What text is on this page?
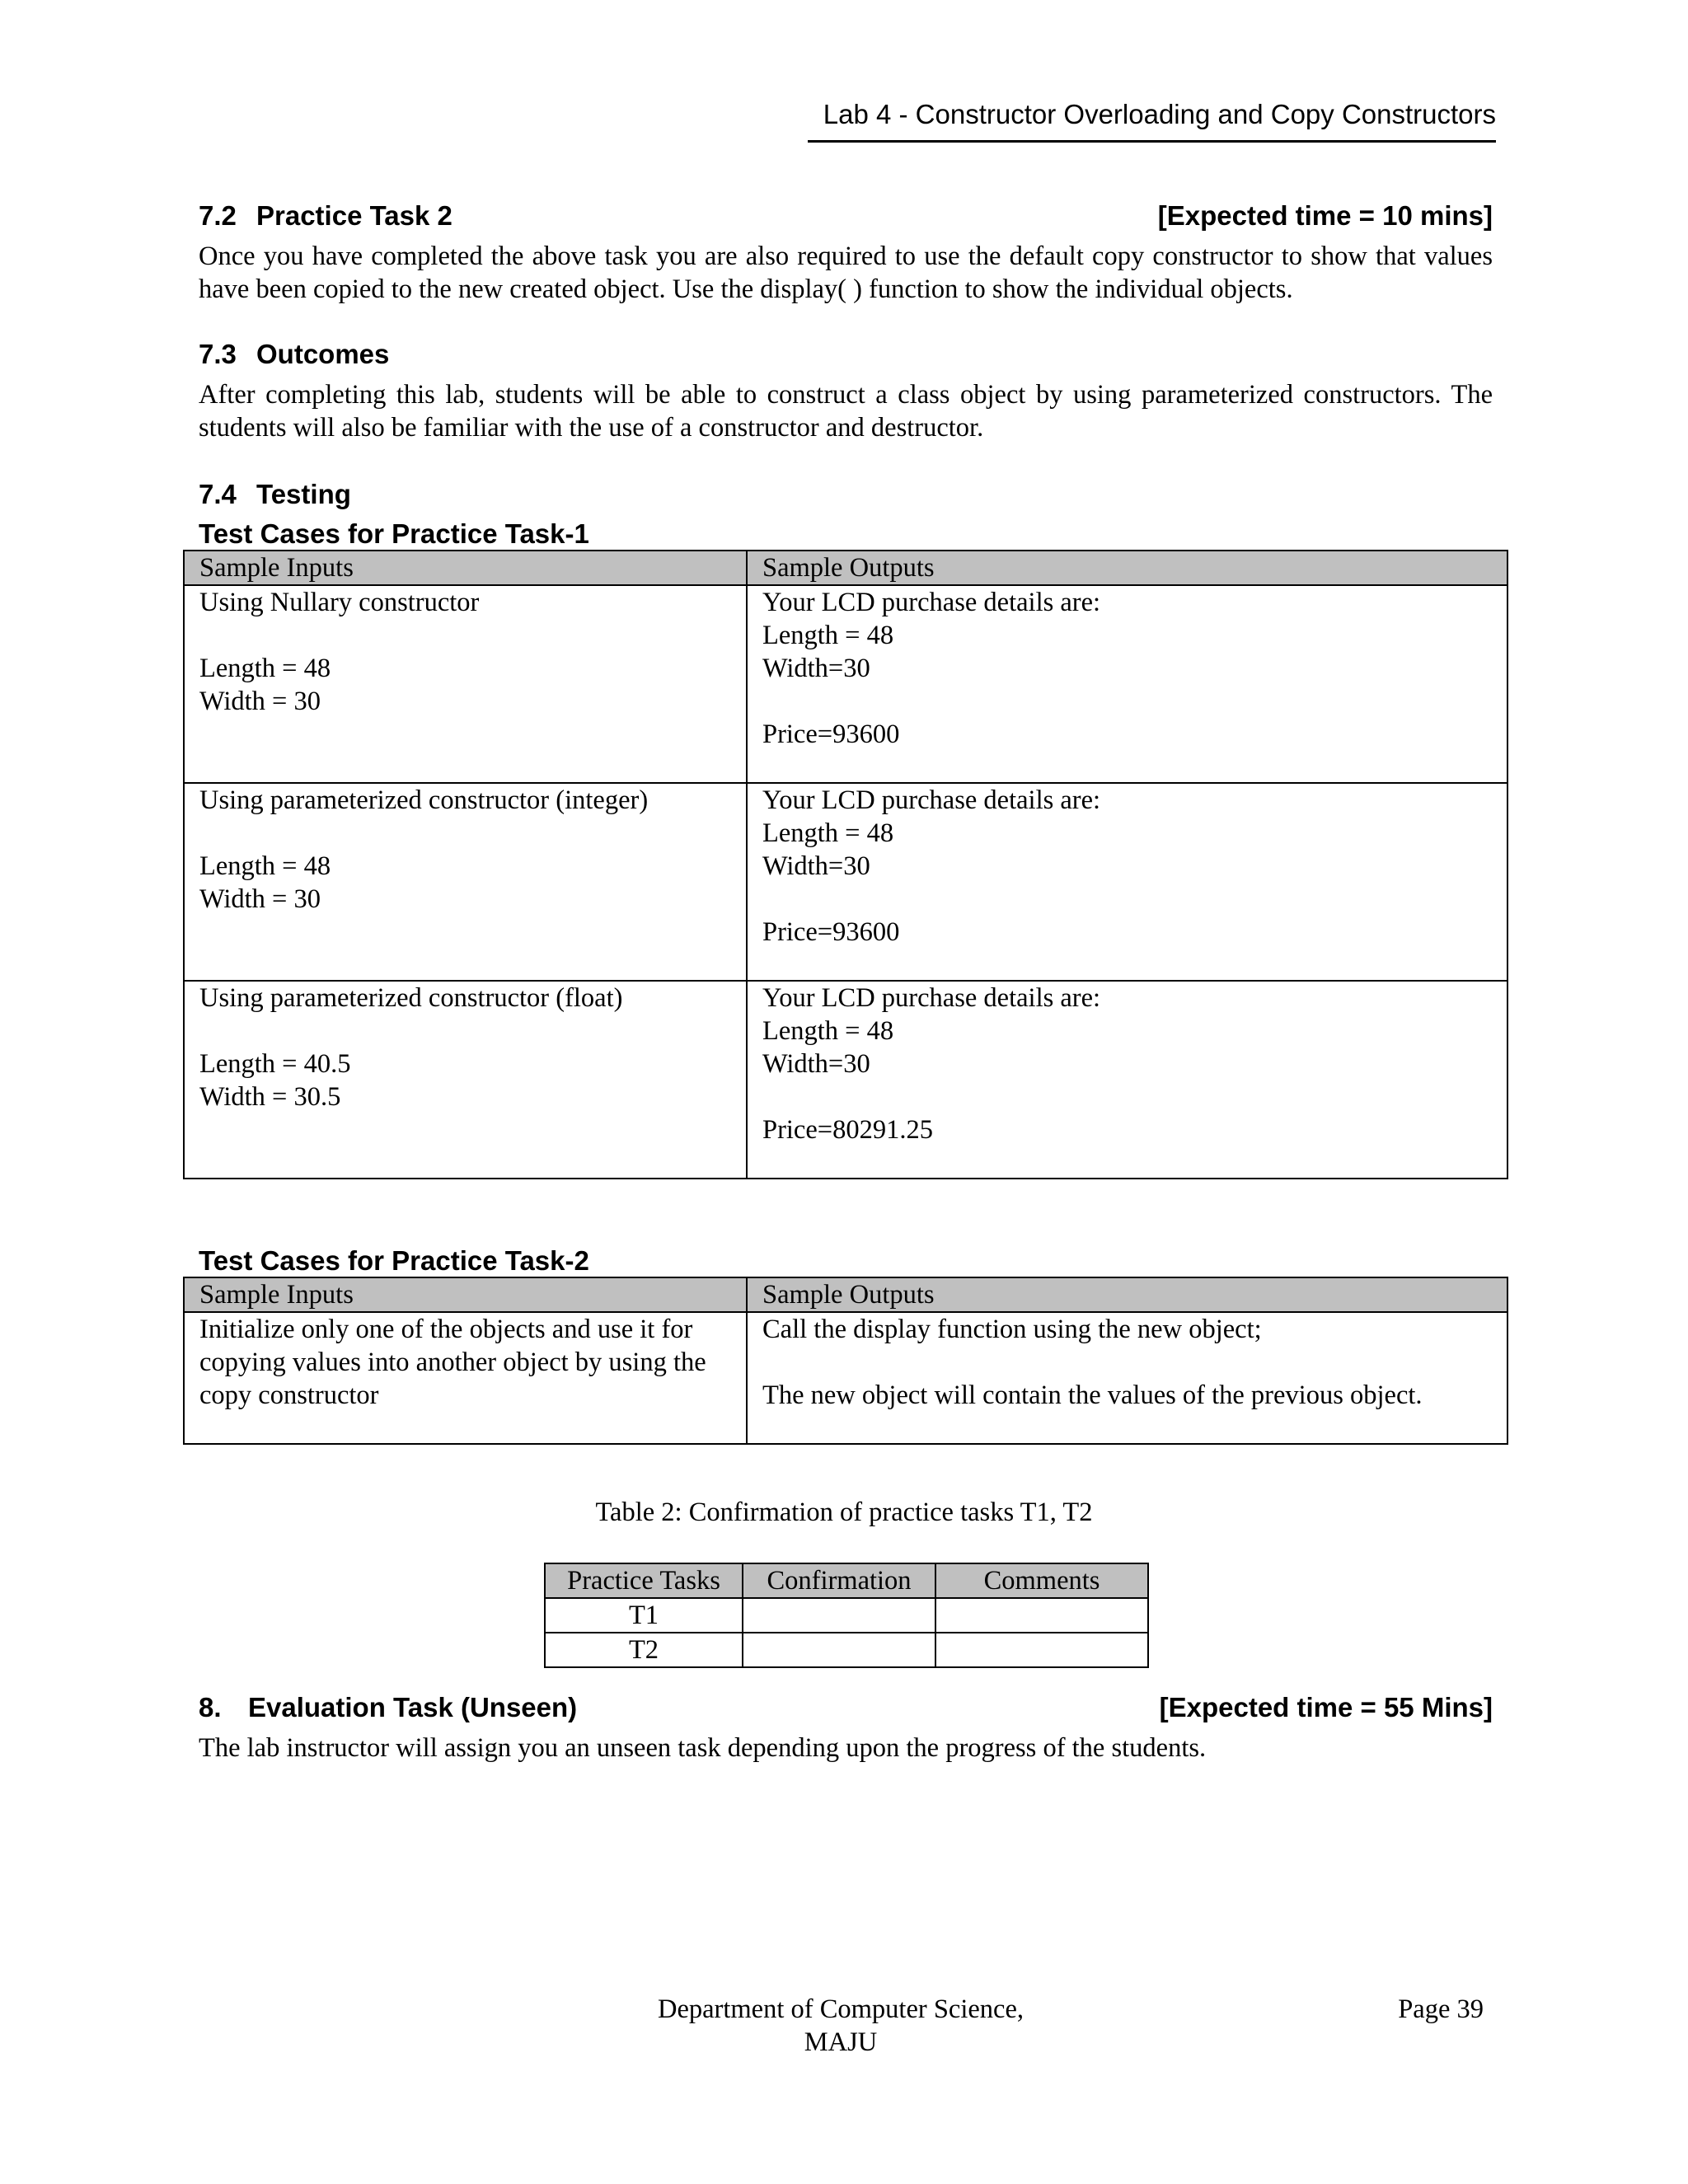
Lab 4 - Constructor Overloading and Copy Constructors
7.2 Practice Task 2	[Expected time = 10 mins]
Once you have completed the above task you are also required to use the default copy constructor to show that values have been copied to the new created object. Use the display( ) function to show the individual objects.
7.3 Outcomes
After completing this lab, students will be able to construct a class object by using parameterized constructors. The students will also be familiar with the use of a constructor and destructor.
7.4 Testing
Test Cases for Practice Task-1
Sample Inputs	Sample Outputs

Using Nullary constructor
Length = 48
Width = 30	Your LCD purchase details are:
Length = 48
Width=30
Price=93600

Using parameterized constructor (integer)
Length = 48
Width = 30	Your LCD purchase details are:
Length = 48
Width=30
Price=93600

Using parameterized constructor (float)
Length = 40.5
Width = 30.5	Your LCD purchase details are:
Length = 48
Width=30
Price=80291.25
Test Cases for Practice Task-2
Sample Inputs	Sample Outputs

Initialize only one of the objects and use it for
copying values into another object by using the
copy constructor	Call the display function using the new object;
The new object will contain the values of the previous object.
Table 2: Confirmation of practice tasks T1, T2
Practice Tasks	Confirmation	Comments
T1		
T2		
8. Evaluation Task (Unseen)	[Expected time = 55 Mins]
The lab instructor will assign you an unseen task depending upon the progress of the students.
Department of Computer Science,
MAJU
Page 39
